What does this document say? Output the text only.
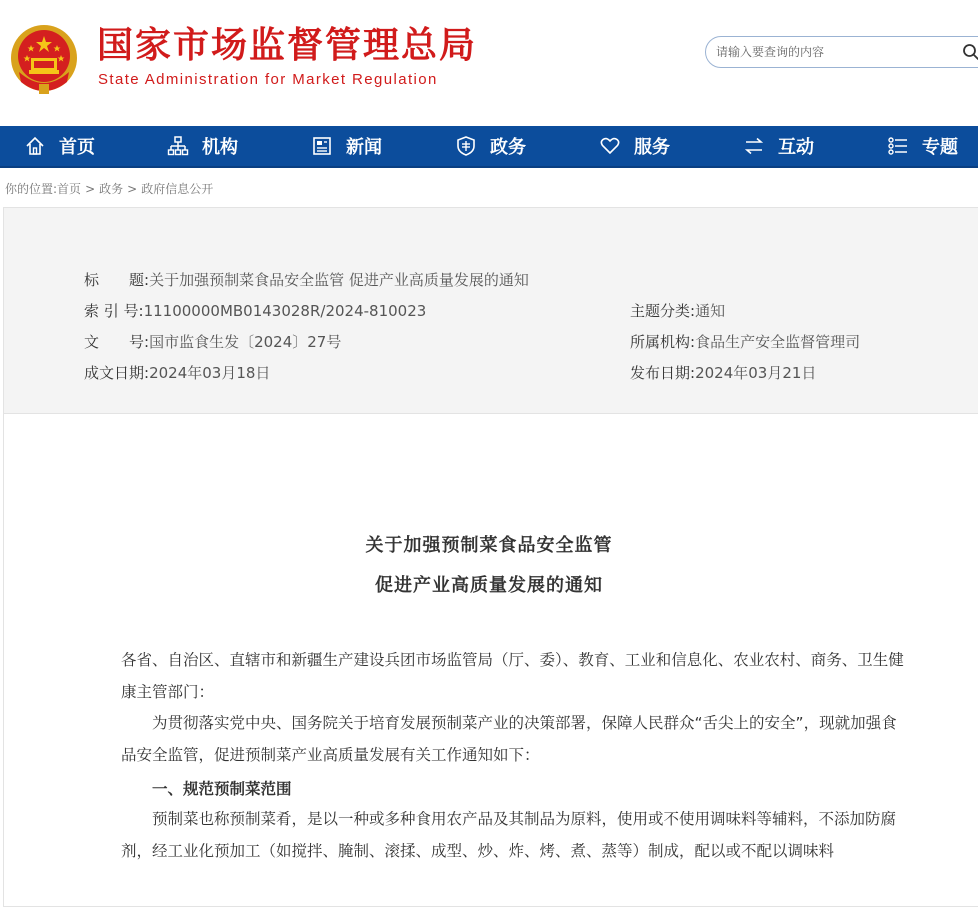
国家市场监督管理总局
State Administration for Market Regulation
请输入要查询的内容
首页	机构	新闻	政务	服务	互动	专题
你的位置:首页 > 政务 > 政府信息公开
标　　题:关于加强预制菜食品安全监管 促进产业高质量发展的通知
索 引 号:11100000MB0143028R/2024-810023
文　　号:国市监食生发〔2024〕27号
成文日期:2024年03月18日
主题分类:通知
所属机构:食品生产安全监督管理司
发布日期:2024年03月21日
关于加强预制菜食品安全监管
促进产业高质量发展的通知
各省、自治区、直辖市和新疆生产建设兵团市场监管局（厅、委）、教育、工业和信息化、农业农村、商务、卫生健康主管部门：
为贯彻落实党中央、国务院关于培育发展预制菜产业的决策部署，保障人民群众“舌尖上的安全”，现就加强食品安全监管，促进预制菜产业高质量发展有关工作通知如下：
一、规范预制菜范围
预制菜也称预制菜肴，是以一种或多种食用农产品及其制品为原料，使用或不使用调味料等辅料，不添加防腐剂，经工业化预加工（如搅拌、腌制、滚揉、成型、炒、炸、烤、煮、蒸等）制成，配以或不配以调味料
